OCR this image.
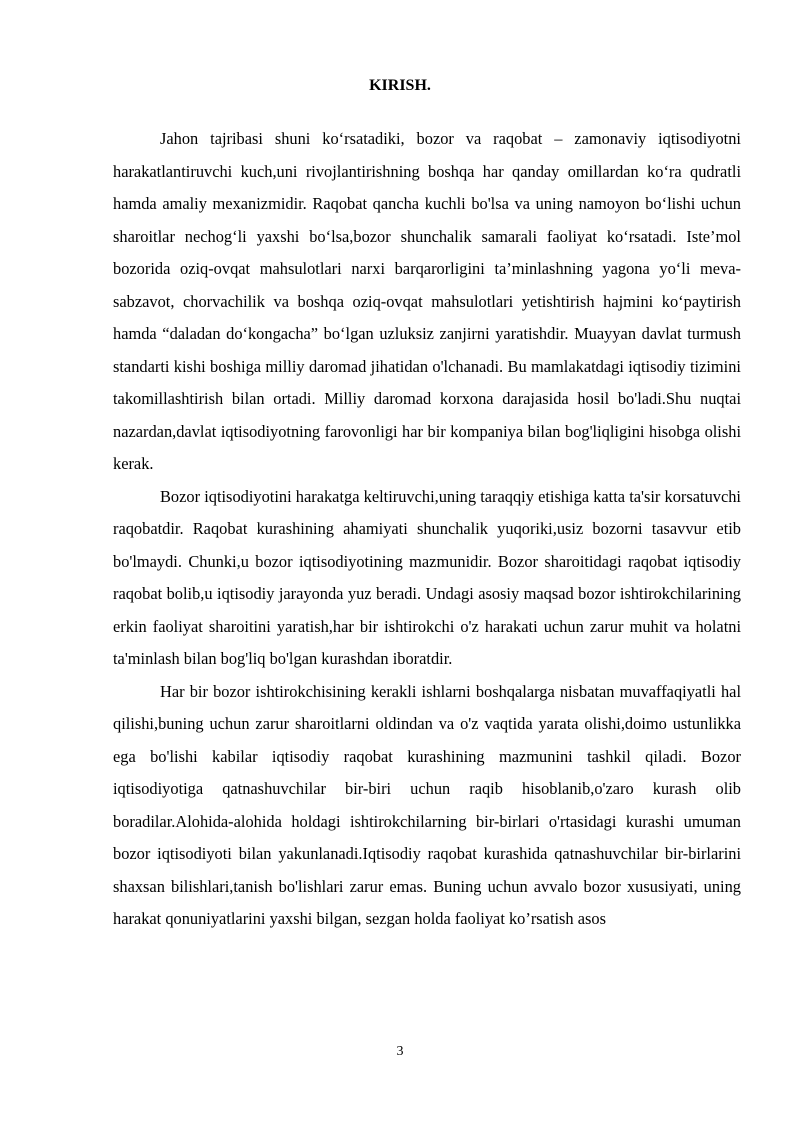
KIRISH.

Jahon tajribasi shuni ko‘rsatadiki, bozor va raqobat – zamonaviy iqtisodiyotni harakatlantiruvchi kuch,uni rivojlantirishning boshqa har qanday omillardan ko‘ra qudratli hamda amaliy mexanizmidir. Raqobat qancha kuchli bo'lsa va uning namoyon bo‘lishi uchun sharoitlar nechog‘li yaxshi bo‘lsa,bozor shunchalik samarali faoliyat ko‘rsatadi. Iste’mol bozorida oziq-ovqat mahsulotlari narxi barqarorligini ta’minlashning yagona yo‘li meva-sabzavot, chorvachilik va boshqa oziq-ovqat mahsulotlari yetishtirish hajmini ko‘paytirish hamda “daladan do‘kongacha” bo‘lgan uzluksiz zanjirni yaratishdir. Muayyan davlat turmush standarti kishi boshiga milliy daromad jihatidan o'lchanadi. Bu mamlakatdagi iqtisodiy tizimini takomillashtirish bilan ortadi. Milliy daromad korxona darajasida hosil bo'ladi.Shu nuqtai nazardan,davlat iqtisodiyotning farovonligi har bir kompaniya bilan bog'liqligini hisobga olishi kerak.

Bozor iqtisodiyotini harakatga keltiruvchi,uning taraqqiy etishiga katta ta'sir korsatuvchi raqobatdir. Raqobat kurashining ahamiyati shunchalik yuqoriki,usiz bozorni tasavvur etib bo'lmaydi. Chunki,u bozor iqtisodiyotining mazmunidir. Bozor sharoitidagi raqobat iqtisodiy raqobat bolib,u iqtisodiy jarayonda yuz beradi. Undagi asosiy maqsad bozor ishtirokchilarining erkin faoliyat sharoitini yaratish,har bir ishtirokchi o'z harakati uchun zarur muhit va holatni ta'minlash bilan bog'liq bo'lgan kurashdan iboratdir.

Har bir bozor ishtirokchisining kerakli ishlarni boshqalarga nisbatan muvaffaqiyatli hal qilishi,buning uchun zarur sharoitlarni oldindan va o'z vaqtida yarata olishi,doimo ustunlikka ega bo'lishi kabilar iqtisodiy raqobat kurashining mazmunini tashkil qiladi. Bozor iqtisodiyotiga qatnashuvchilar bir-biri uchun raqib hisoblanib,o'zaro kurash olib boradilar.Alohida-alohida holdagi ishtirokchilarning bir-birlari o'rtasidagi kurashi umuman bozor iqtisodiyoti bilan yakunlanadi.Iqtisodiy raqobat kurashida qatnashuvchilar bir-birlarini shaxsan bilishlari,tanish bo'lishlari zarur emas. Buning uchun avvalo bozor xususiyati, uning harakat qonuniyatlarini yaxshi bilgan, sezgan holda faoliyat ko’rsatish asos

3
